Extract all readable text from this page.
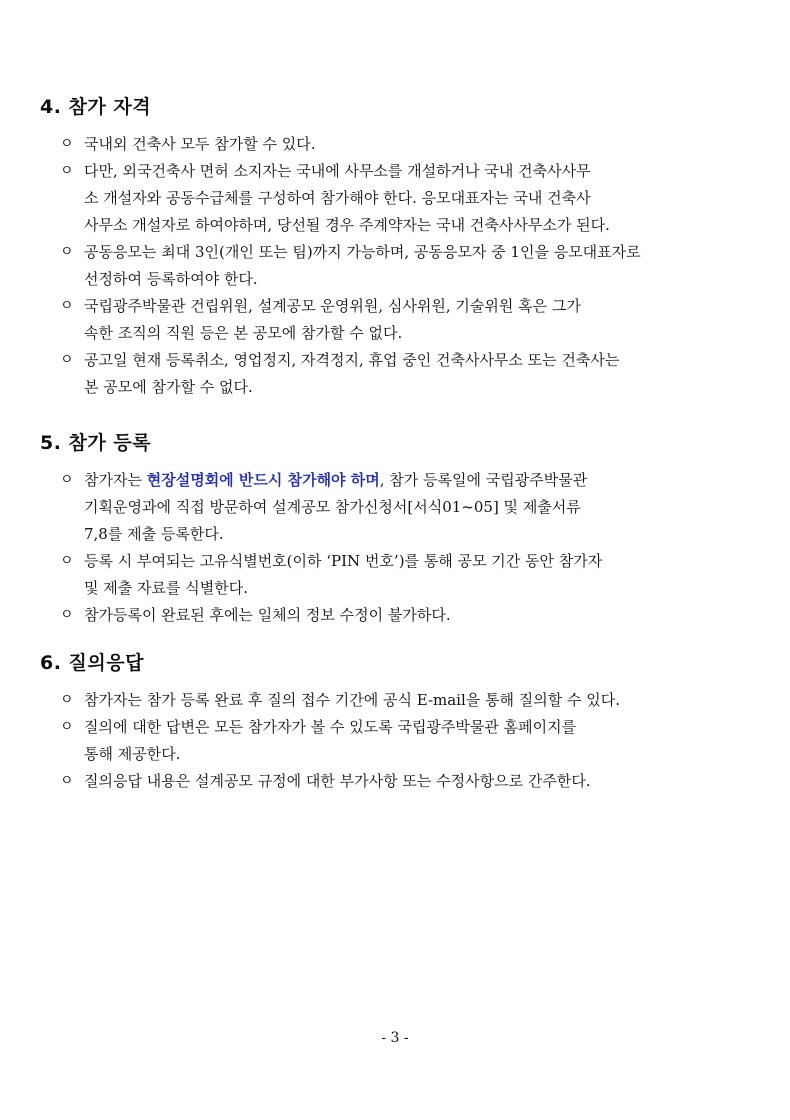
4. 참가 자격
ㅇ 국내외 건축사 모두 참가할 수 있다.
ㅇ 다만, 외국건축사 면허 소지자는 국내에 사무소를 개설하거나 국내 건축사사무
소 개설자와 공동수급체를 구성하여 참가해야 한다. 응모대표자는 국내 건축사
사무소 개설자로 하여야하며, 당선될 경우 주계약자는 국내 건축사사무소가 된다.
ㅇ 공동응모는 최대 3인(개인 또는 팀)까지 가능하며, 공동응모자 중 1인을 응모대표자로
선정하여 등록하여야 한다.
ㅇ 국립광주박물관 건립위원, 설계공모 운영위원, 심사위원, 기술위원 혹은 그가
속한 조직의 직원 등은 본 공모에 참가할 수 없다.
ㅇ 공고일 현재 등록취소, 영업정지, 자격정지, 휴업 중인 건축사사무소 또는 건축사는
본 공모에 참가할 수 없다.
5. 참가 등록
ㅇ 참가자는 현장설명회에 반드시 참가해야 하며, 참가 등록일에 국립광주박물관
기획운영과에 직접 방문하여 설계공모 참가신청서[서식01~05] 및 제출서류
7,8를 제출 등록한다.
ㅇ 등록 시 부여되는 고유식별번호(이하 ‘PIN 번호’)를 통해 공모 기간 동안 참가자
및 제출 자료를 식별한다.
ㅇ 참가등록이 완료된 후에는 일체의 정보 수정이 불가하다.
6. 질의응답
ㅇ 참가자는 참가 등록 완료 후 질의 접수 기간에 공식 E-mail을 통해 질의할 수 있다.
ㅇ 질의에 대한 답변은 모든 참가자가 볼 수 있도록 국립광주박물관 홈페이지를
통해 제공한다.
ㅇ 질의응답 내용은 설계공모 규정에 대한 부가사항 또는 수정사항으로 간주한다.
- 3 -
